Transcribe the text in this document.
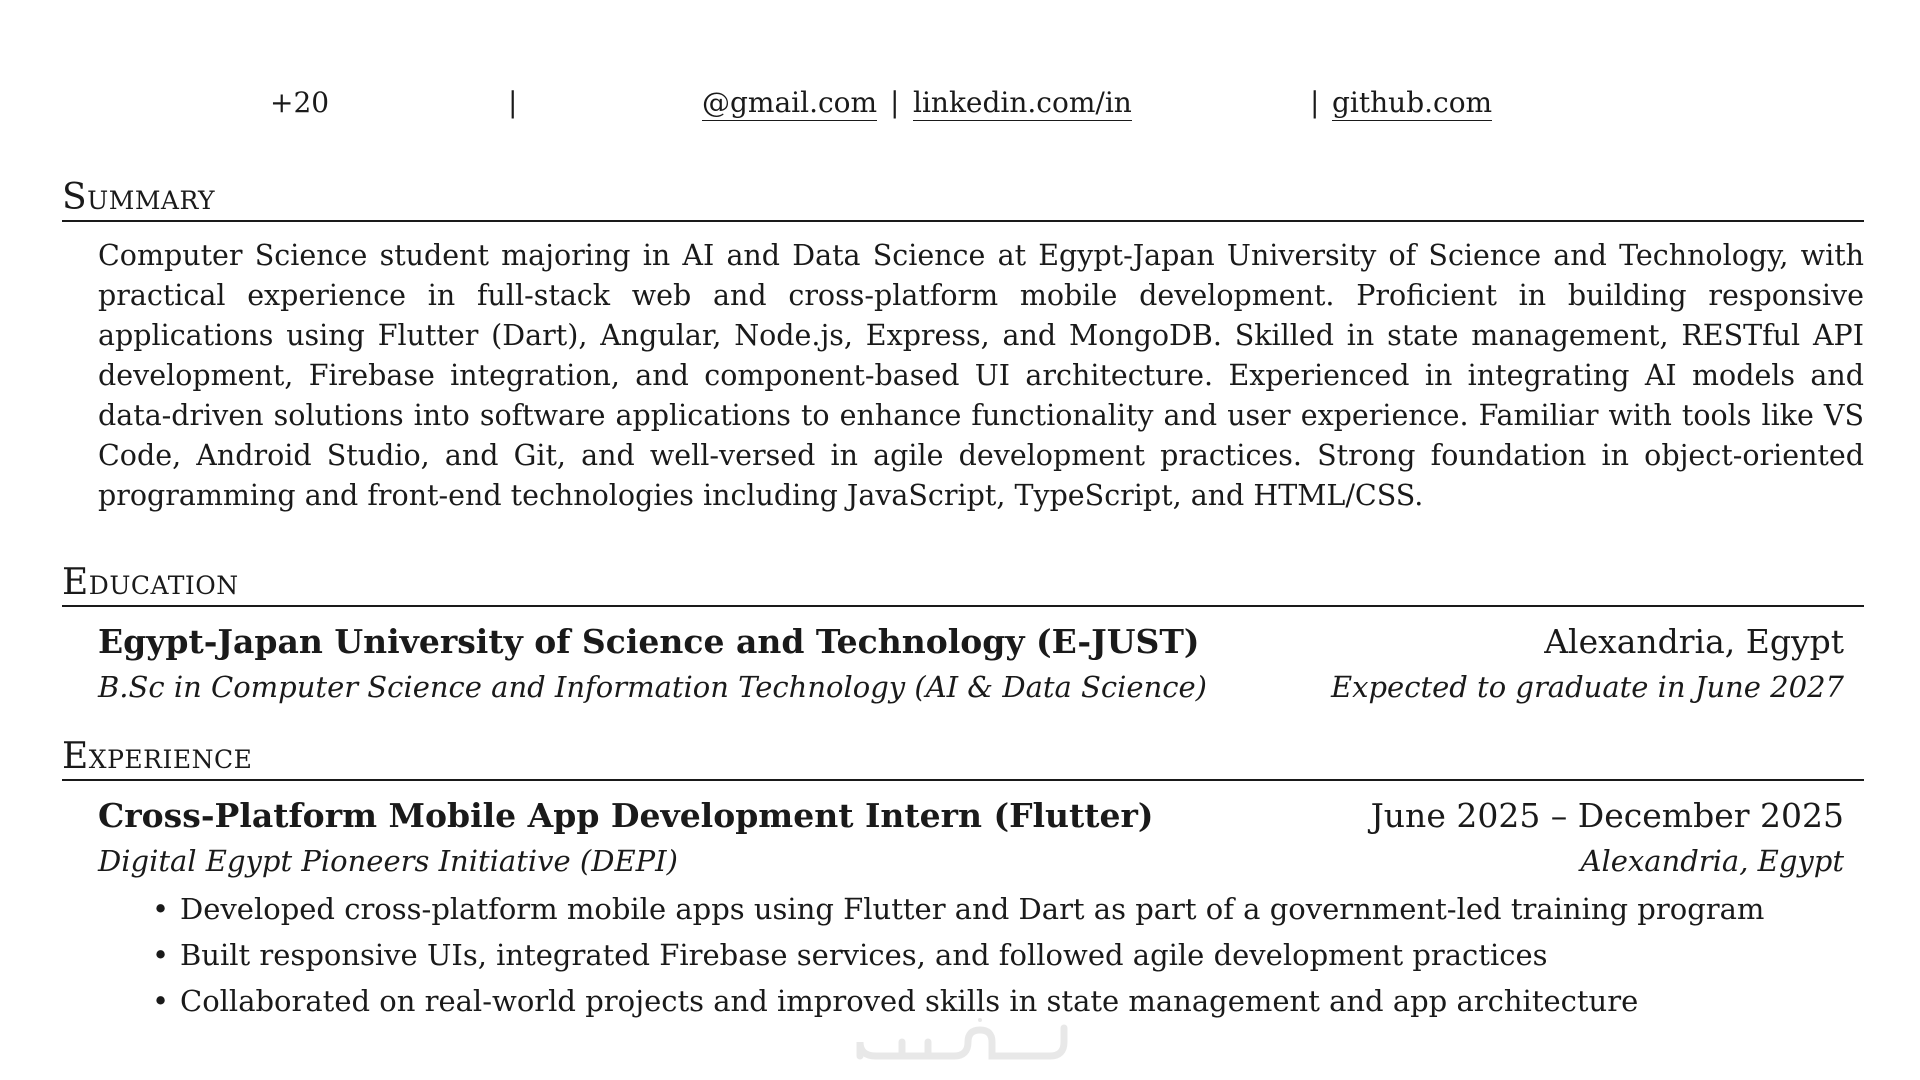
+20	|	@gmail.com | linkedin.com/in	| github.com
Summary
Computer Science student majoring in AI and Data Science at Egypt-Japan University of Science and Technology, with practical experience in full-stack web and cross-platform mobile development. Proficient in building responsive applications using Flutter (Dart), Angular, Node.js, Express, and MongoDB. Skilled in state management, RESTful API development, Firebase integration, and component-based UI architecture. Experienced in integrating AI models and data-driven solutions into software applications to enhance functionality and user experience. Familiar with tools like VS Code, Android Studio, and Git, and well-versed in agile development practices. Strong foundation in object-oriented programming and front-end technologies including JavaScript, TypeScript, and HTML/CSS.
Education
Egypt-Japan University of Science and Technology (E-JUST)	Alexandria, Egypt
B.Sc in Computer Science and Information Technology (AI & Data Science)	Expected to graduate in June 2027
Experience
Cross-Platform Mobile App Development Intern (Flutter)	June 2025 – December 2025
Digital Egypt Pioneers Initiative (DEPI)	Alexandria, Egypt
• Developed cross-platform mobile apps using Flutter and Dart as part of a government-led training program
• Built responsive UIs, integrated Firebase services, and followed agile development practices
• Collaborated on real-world projects and improved skills in state management and app architecture
